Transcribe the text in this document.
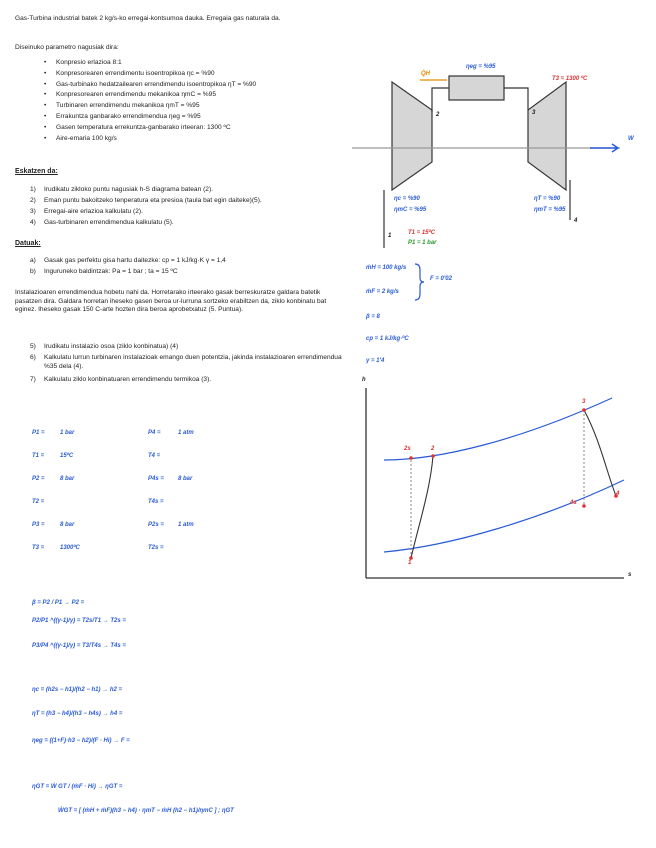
Gas-Turbina industrial batek 2 kg/s-ko erregai-kontsumoa dauka. Erregaia gas naturala da.
Diseinuko parametro nagusiak dira:
• Konpresio erlazioa 8:1
• Konpresorearen errendimentu isoentropikoa ηc = %90
• Gas-turbinako hedatzailearen errendimendu isoentropikoa ηT = %90
• Konpresorearen errendimendu mekanikoa ηmC = %95
• Turbinaren errendimendu mekanikoa ηmT = %95
• Errakuntza ganbarako errendimendua ηeg = %95
• Gasen temperatura errekuntza-ganbarako irteeran: 1300 ºC
• Aire-emaria 100 kg/s
Eskatzen da:
1) Irudikatu zikloko puntu nagusiak h-S diagrama batean (2).
2) Eman puntu bakoitzeko tenperatura eta presioa (taula bat egin daiteke)(5).
3) Erregai-aire erlazioa kalkulatu (2).
4) Gas-turbinaren errendimendua kalkulatu (5).
Datuak:
a) Gasak gas perfektu gisa hartu daitezke: cp = 1 kJ/kg·K γ = 1,4
b) Inguruneko baldintzak: Pa = 1 bar ; ta = 15 ºC
Instalazioaren errendimendua hobetu nahi da. Horretarako irteerako gasak berreskuratze galdara batetik pasatzen dira. Galdara horretan iheseko gasen beroa ur-lurruna sortzeko erabiltzen da, ziklo konbinatu bat eginez. Iheseko gasak 150 C-arte hozten dira beroa aprobetxatuz (5. Puntua).
5) Irudikatu instalazio osoa (ziklo konbinatua) (4)
6) Kalkulatu lurrun turbinaren instalazioak emango duen potentzia, jakinda instalazioaren errendimendua %35 dela (4).
7) Kalkulatu ziklo konbinatuaren errendimendu termikoa (3).
Q̇H
ηeg = %95
T3 = 1300 ºC
W
2	3
1
4
ηc = %90
ηmC = %95
ηT = %90
ηmT = %95
T1 = 15ºC
P1 = 1 bar
ṁH = 100 kg/s
ṁF = 2 kg/s
F = 0'02
β = 8
cp = 1 kJ/kg·ºC
γ = 1'4
h
s
2s	2
3
4s
4
1
P1 =	1 bar	P4 =	1 atm
T1 =	15ºC	T4 =
P2 =	8 bar	P4s = 8 bar
T2 =	T4s =
P3 =	8 bar	P2s = 1 atm
T3 =	1300ºC	T2s =
β = P2 / P1 → P2 =
P2/P1 ^((γ-1)/γ) = T2s/T1 → T2s =
P3/P4 ^((γ-1)/γ) = T3/T4s → T4s =
ηc = (h2s − h1)/(h2 − h1) → h2 =
ηT = (h3 − h4)/(h3 − h4s) → h4 =
ηeg = ((1+F)·h3 − h2)/(F · Hi) → F =
ηGT = Ẇ GT / (ṁF · Hi) → ηGT =
ẆGT = [ (ṁH + ṁF)(h3 − h4) · ηmT − ṁH (h2 − h1)/ηmC ] ; ηGT
